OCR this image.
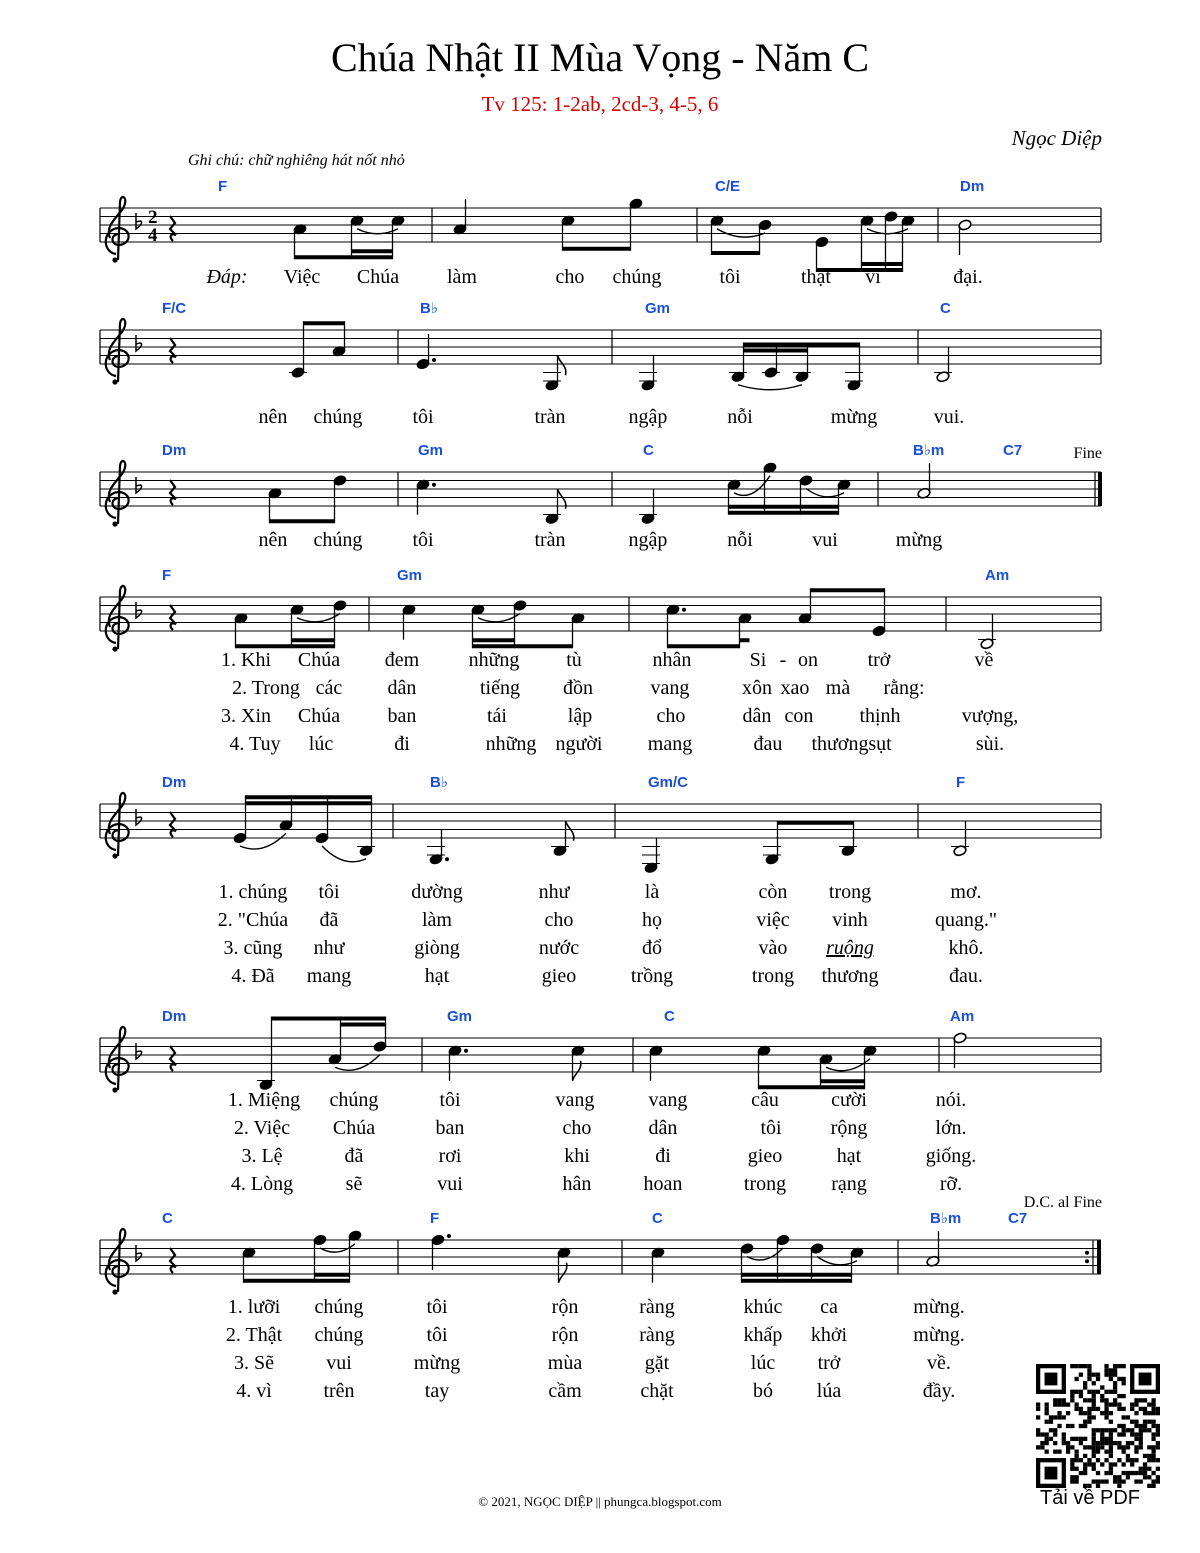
Chúa Nhật II Mùa Vọng - Năm C
Tv 125: 1-2ab, 2cd-3, 4-5, 6
Ngọc Diệp
Ghi chú: chữ nghiêng hát nốt nhỏ
2
4
F	C/E	Dm
Đáp: Việc Chúa làm	cho chúng	tôi	thật vĩ	đại.
F/C	B♭	Gm	C
nên chúng tôi	tràn	ngập	nỗi	mừng	vui.
Dm	Gm	C	B♭m	C7
nên chúng tôi	tràn	ngập	nỗi	vui	mừng
F	Gm	Am
1. Khi Chúa đem những tù	nhân	Si - on trở	về
2. Trong các dân	tiếng đồn	vang	xôn xao mà rằng:
3. Xin Chúa ban	tái	lập	cho	dân con thịnh	vượng,
4. Tuy lúc	đi	những người mang	đau thương sụt	sùi.
Dm	B♭	Gm/C	F
1. chúng tôi	dường	như	là	còn trong	mơ.
2. "Chúa đã	làm	cho	họ	việc vinh	quang."
3. cũng như	giòng	nước	đổ	vào ruộng	khô.
4. Đã mang	hạt	gieo	trồng	trong thương	đau.
Dm	Gm	C	Am
1. Miệng chúng	tôi	vang	vang	câu	cười	nói.
2. Việc Chúa	ban	cho	dân	tôi rộng	lớn.
3. Lệ	đã	rơi	khi	đi	gieo	hạt	giống.
4. Lòng	sẽ	vui	hân	hoan	trong rạng	rỡ.
C	F	C	B♭m	C7
1. lưỡi chúng	tôi	rộn	ràng	khúc ca	mừng.
2. Thật chúng	tôi	rộn	ràng	khấp khởi	mừng.
3. Sẽ	vui	mừng	mùa	gặt	lúc trở	về.
4. vì	trên	tay	cầm	chặt	bó lúa	đầy.
Fine
D.C. al Fine
Tải về PDF
© 2021, NGỌC DIỆP || phungca.blogspot.com
